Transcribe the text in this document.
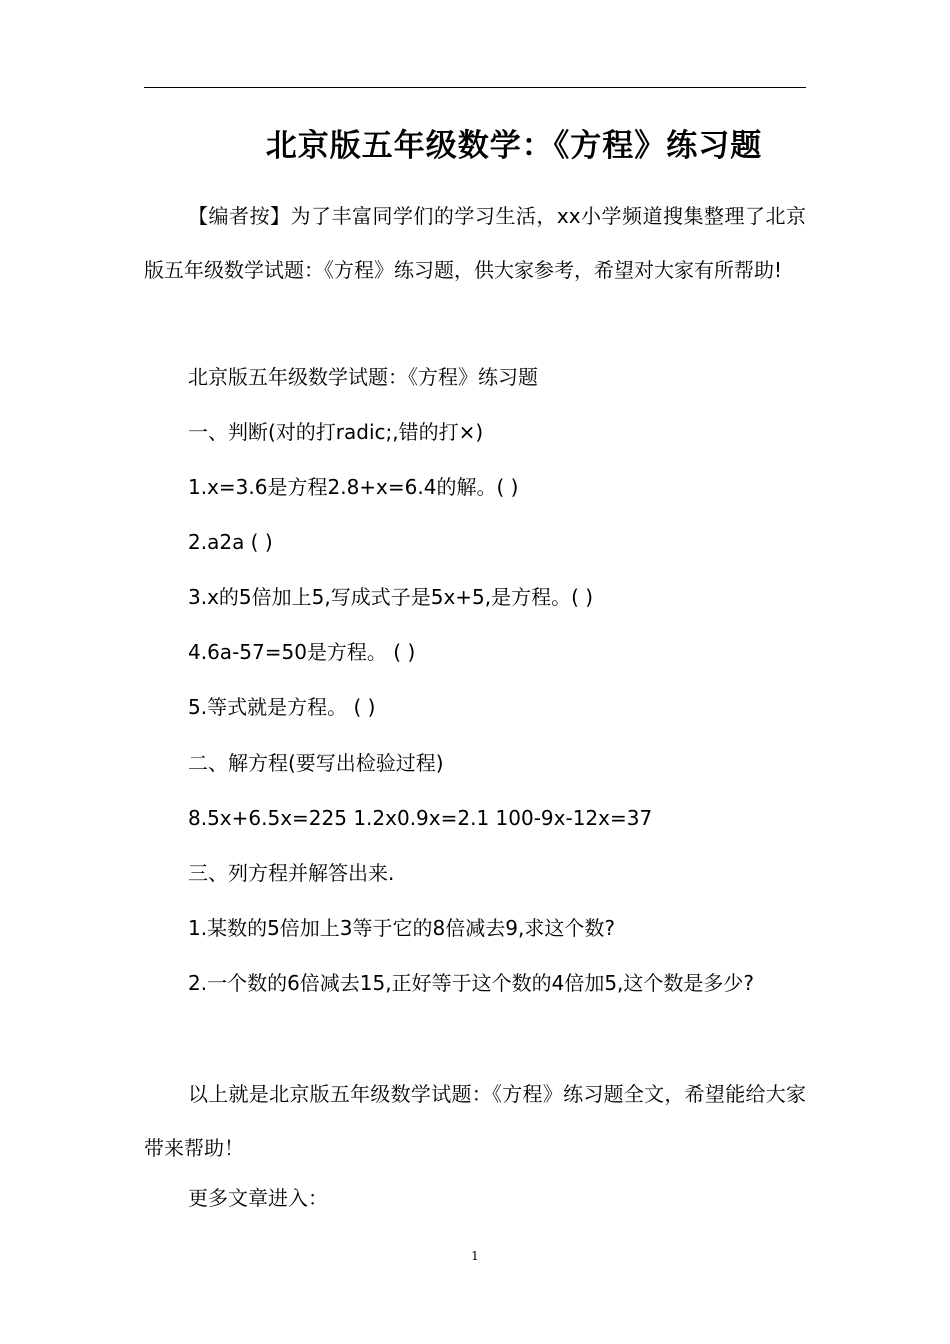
北京版五年级数学：《方程》练习题

【编者按】为了丰富同学们的学习生活，xx小学频道搜集整理了北京版五年级数学试题：《方程》练习题，供大家参考，希望对大家有所帮助!

北京版五年级数学试题：《方程》练习题
一、判断(对的打radic;,错的打×)
1.x=3.6是方程2.8+x=6.4的解。( )
2.a2a ( )
3.x的5倍加上5,写成式子是5x+5,是方程。( )
4.6a-57=50是方程。 ( )
5.等式就是方程。 ( )
二、解方程(要写出检验过程)
8.5x+6.5x=225 1.2x0.9x=2.1 100-9x-12x=37
三、列方程并解答出来.
1.某数的5倍加上3等于它的8倍减去9,求这个数?

2.一个数的6倍减去15,正好等于这个数的4倍加5,这个数是多少?

以上就是北京版五年级数学试题：《方程》练习题全文，希望能给大家带来帮助！

更多文章进入：
1
